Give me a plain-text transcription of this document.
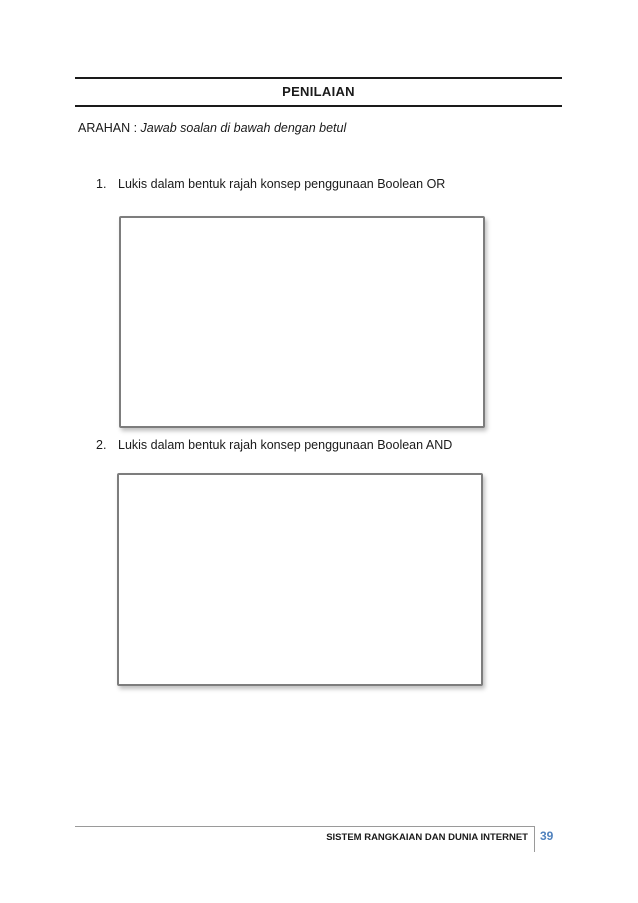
PENILAIAN
ARAHAN : Jawab soalan di bawah dengan betul
1. Lukis dalam bentuk rajah konsep penggunaan Boolean OR
2. Lukis dalam bentuk rajah konsep penggunaan Boolean AND
SISTEM RANGKAIAN DAN DUNIA INTERNET 39
